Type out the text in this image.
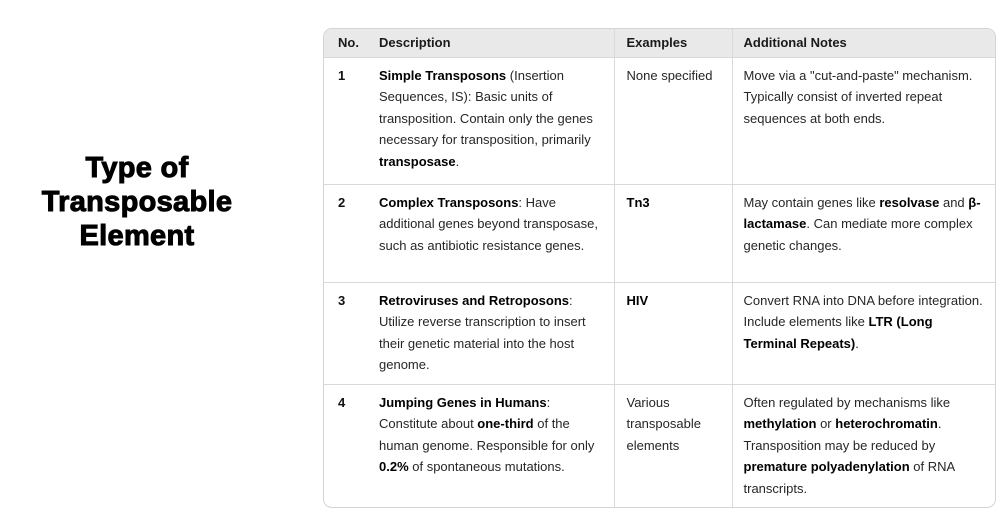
Type of
Transposable
Element
No.	Description	Examples	Additional Notes
1	Simple Transposons (Insertion Sequences, IS): Basic units of transposition. Contain only the genes necessary for transposition, primarily transposase.	None specified	Move via a "cut-and-paste" mechanism. Typically consist of inverted repeat sequences at both ends.
2	Complex Transposons: Have additional genes beyond transposase, such as antibiotic resistance genes.	Tn3	May contain genes like resolvase and β-lactamase. Can mediate more complex genetic changes.
3	Retroviruses and Retroposons: Utilize reverse transcription to insert their genetic material into the host genome.	HIV	Convert RNA into DNA before integration. Include elements like LTR (Long Terminal Repeats).
4	Jumping Genes in Humans: Constitute about one-third of the human genome. Responsible for only 0.2% of spontaneous mutations.	Various transposable elements	Often regulated by mechanisms like methylation or heterochromatin. Transposition may be reduced by premature polyadenylation of RNA transcripts.
